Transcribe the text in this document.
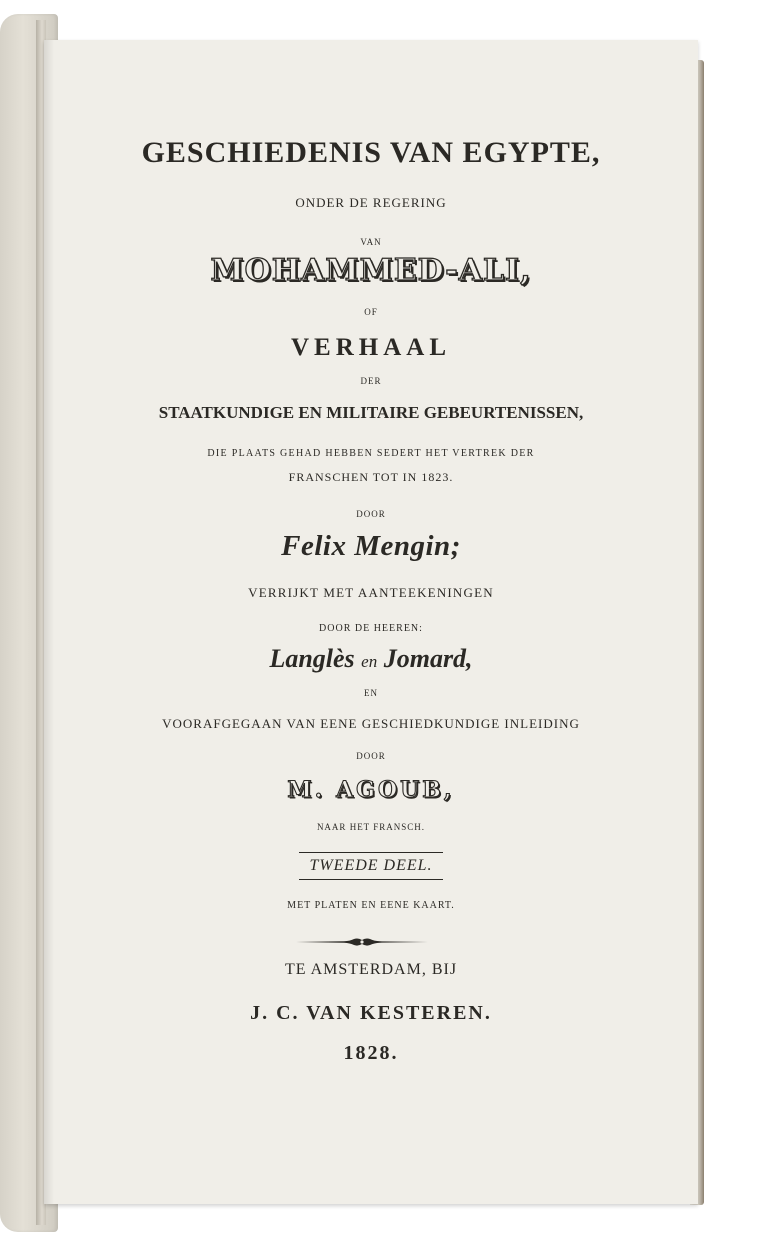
GESCHIEDENIS VAN EGYPTE,
ONDER DE REGERING
VAN
MOHAMMED-ALI,
OF
VERHAAL
DER
STAATKUNDIGE EN MILITAIRE GEBEURTENISSEN,
DIE PLAATS GEHAD HEBBEN SEDERT HET VERTREK DER
FRANSCHEN TOT IN 1823.
DOOR
Felix Mengin;
VERRIJKT MET AANTEEKENINGEN
DOOR DE HEEREN:
Langlès en Jomard,
EN
VOORAFGEGAAN VAN EENE GESCHIEDKUNDIGE INLEIDING
DOOR
M. AGOUB,
NAAR HET FRANSCH.
TWEEDE DEEL.
MET PLATEN EN EENE KAART.
TE AMSTERDAM, BIJ
J. C. VAN KESTEREN.
1828.
